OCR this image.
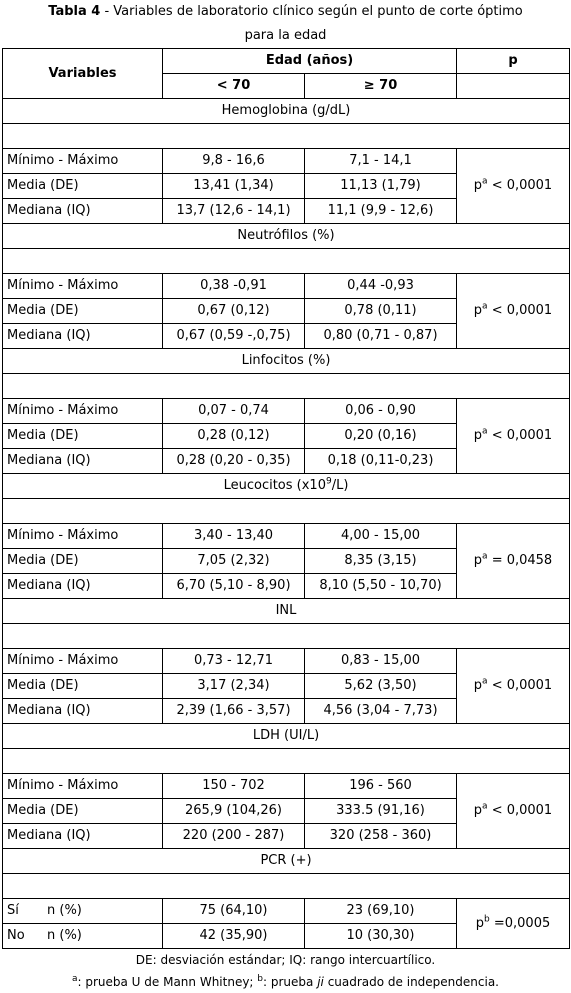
Tabla 4 - Variables de laboratorio clínico según el punto de corte óptimo
para la edad
Variables	Edad (años)		p
	< 70	≥ 70	
Hemoglobina (g/dL)			

Mínimo - Máximo	9,8 - 16,6	7,1 - 14,1	$p^a < 0,0001$
Media (DE)	13,41 (1,34)	11,13 (1,79)	
Mediana (IQ)	13,7 (12,6 - 14,1)	11,1 (9,9 - 12,6)	
Neutrófilos (%)			

Mínimo - Máximo	0,38 -0,91	0,44 -0,93	$p^a < 0,0001$
Media (DE)	0,67 (0,12)	0,78 (0,11)	
Mediana (IQ)	0,67 (0,59 -,0,75)	0,80 (0,71 - 0,87)	
Linfocitos (%)			

Mínimo - Máximo	0,07 - 0,74	0,06 - 0,90	$p^a < 0,0001$
Media (DE)	0,28 (0,12)	0,20 (0,16)	
Mediana (IQ)	0,28 (0,20 - 0,35)	0,18 (0,11-0,23)	
Leucocitos $(x10^9/L)$			

Mínimo - Máximo	3,40 - 13,40	4,00 - 15,00	$p^a = 0,0458$
Media (DE)	7,05 (2,32)	8,35 (3,15)	
Mediana (IQ)	6,70 (5,10 - 8,90)	8,10 (5,50 - 10,70)	
INL			

Mínimo - Máximo	0,73 - 12,71	0,83 - 15,00	$p^a < 0,0001$
Media (DE)	3,17 (2,34)	5,62 (3,50)	
Mediana (IQ)	2,39 (1,66 - 3,57)	4,56 (3,04 - 7,73)	
LDH (UI/L)			

Mínimo - Máximo	150 - 702	196 - 560	$p^a < 0,0001$
Media (DE)	265,9 (104,26)	333.5 (91,16)	
Mediana (IQ)	220 (200 - 287)	320 (258 - 360)	
PCR (+)			

Sí n (%)	75 (64,10)	23 (69,10)	$p^b =0,0005$
No n (%)	42 (35,90)	10 (30,30)	
DE: desviación estándar; IQ: rango intercuartílico.
$^a$: prueba U de Mann Whitney; $^b$: prueba ji cuadrado de independencia.
